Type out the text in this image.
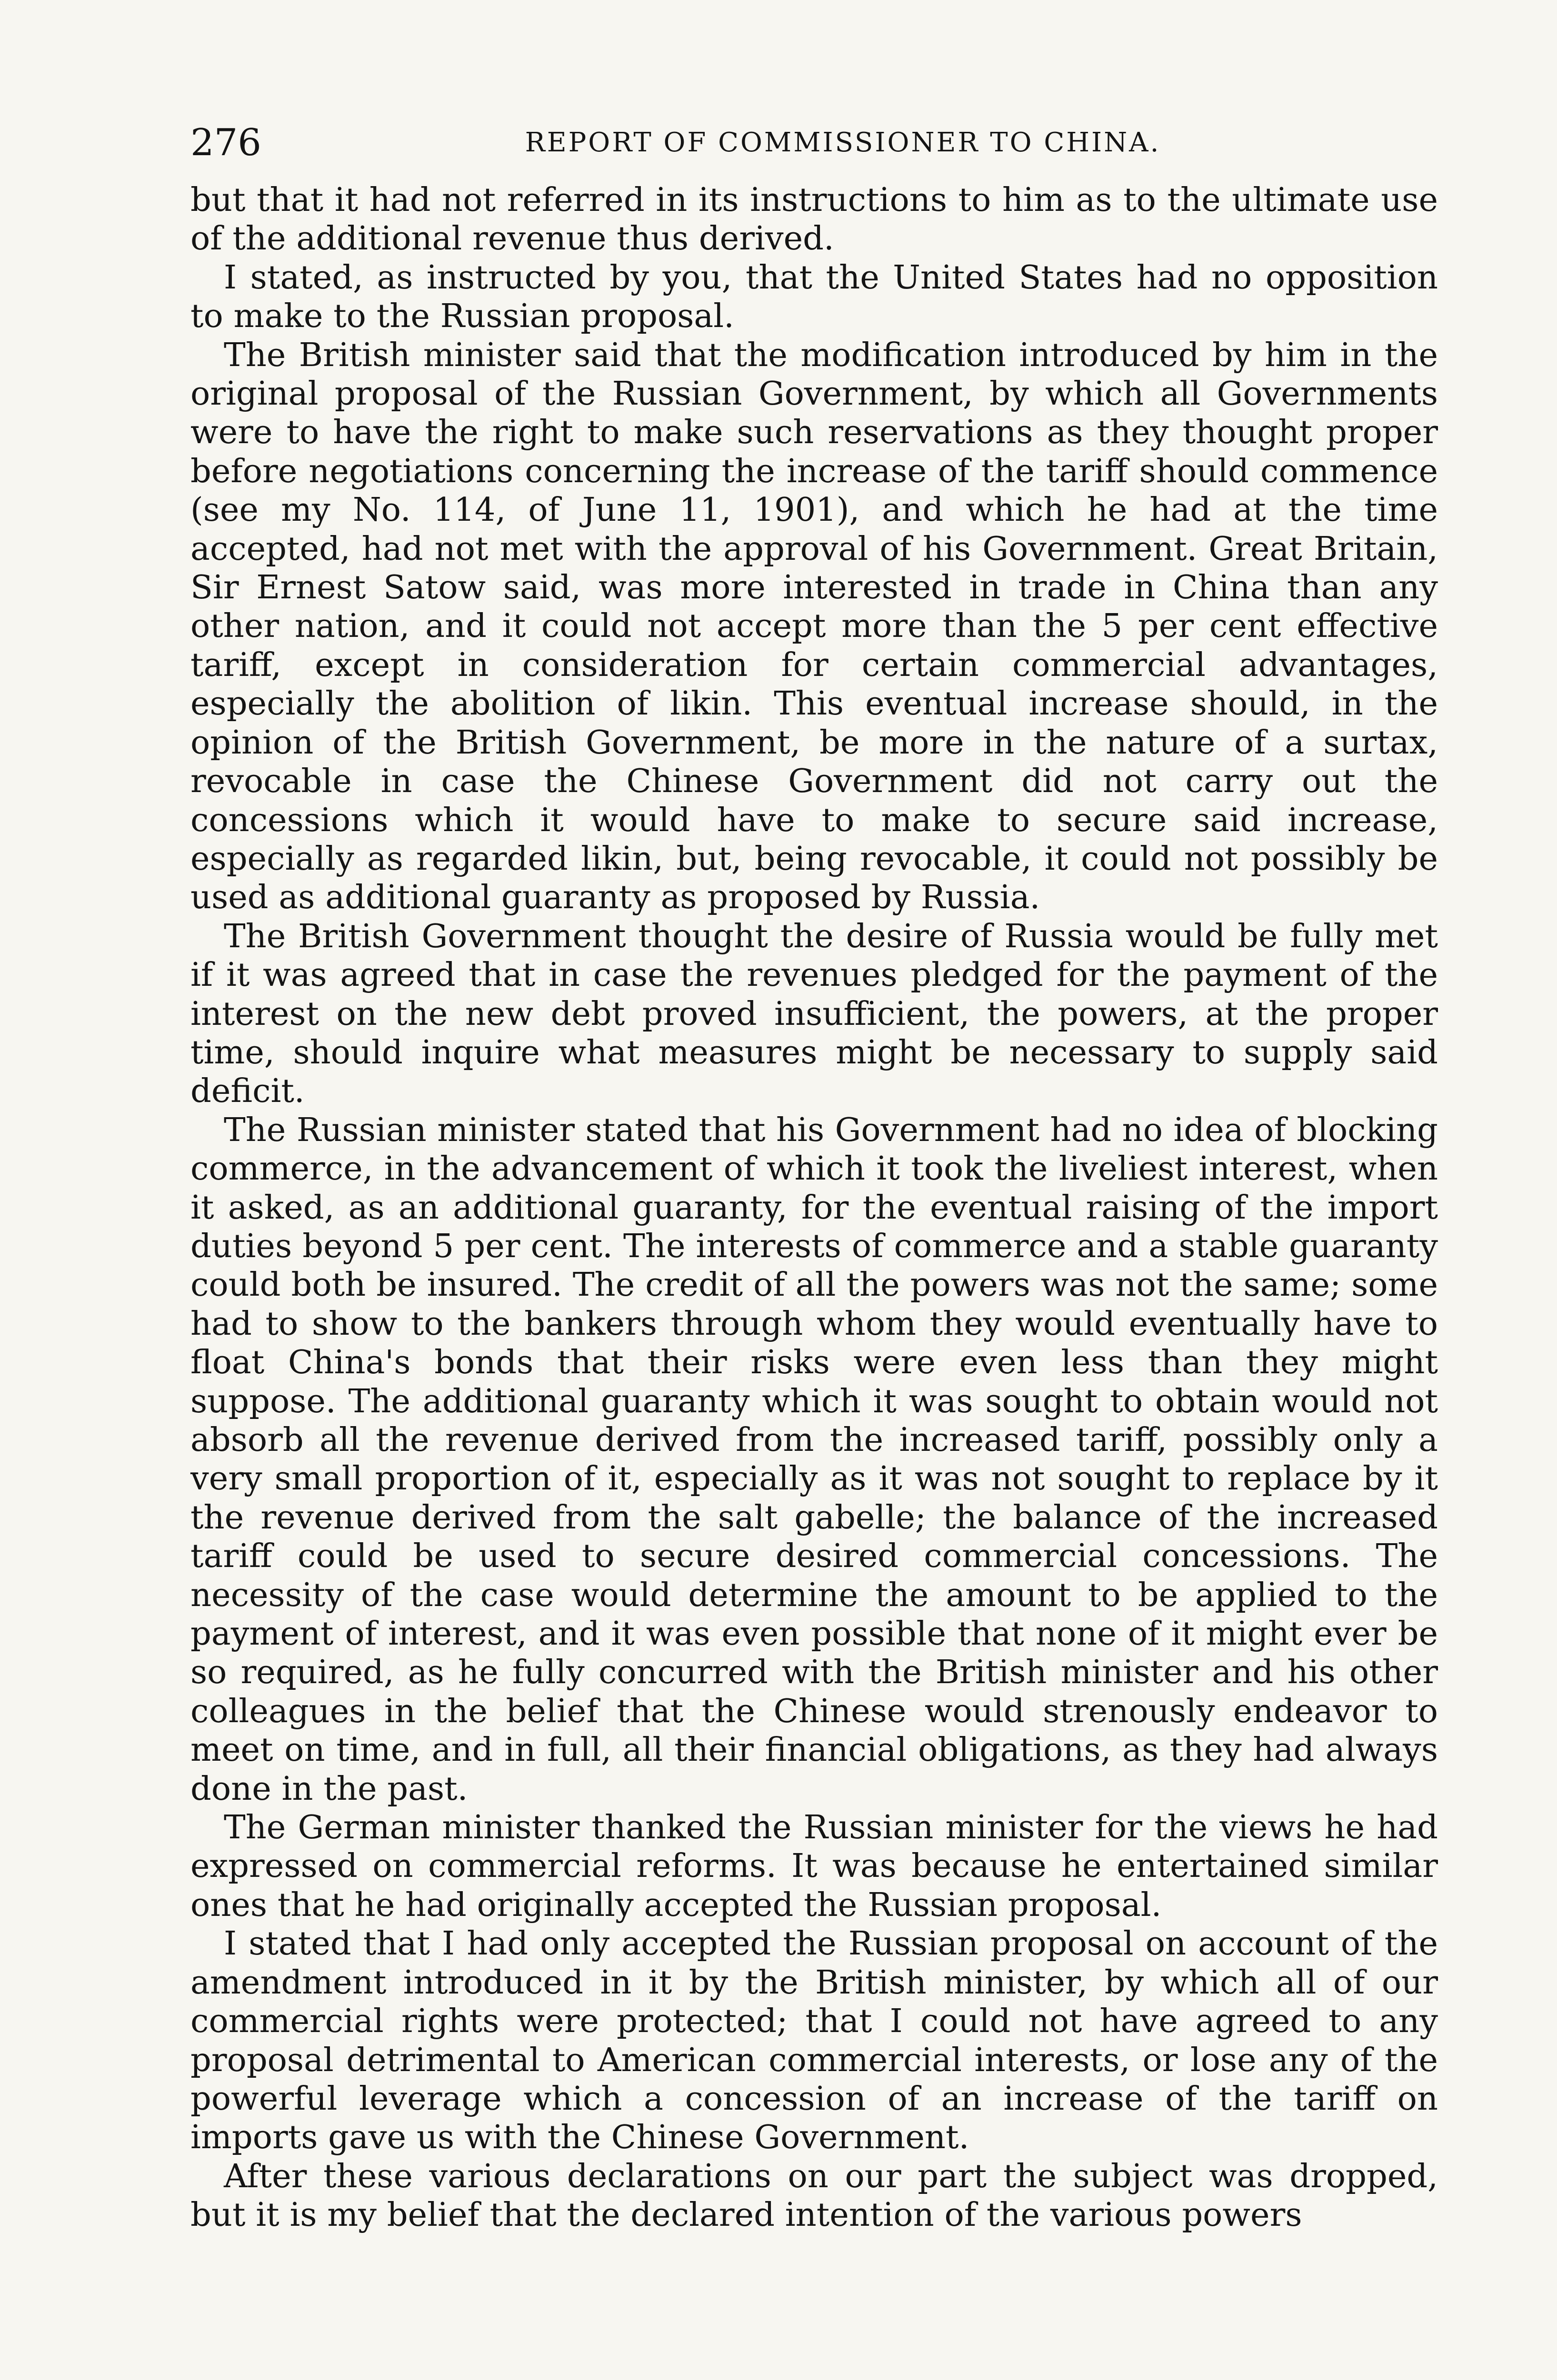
276	REPORT OF COMMISSIONER TO CHINA.

but that it had not referred in its instructions to him as to the ultimate use of the additional revenue thus derived.

I stated, as instructed by you, that the United States had no opposition to make to the Russian proposal.

The British minister said that the modification introduced by him in the original proposal of the Russian Government, by which all Governments were to have the right to make such reservations as they thought proper before negotiations concerning the increase of the tariff should commence (see my No. 114, of June 11, 1901), and which he had at the time accepted, had not met with the approval of his Government. Great Britain, Sir Ernest Satow said, was more interested in trade in China than any other nation, and it could not accept more than the 5 per cent effective tariff, except in consideration for certain commercial advantages, especially the abolition of likin. This eventual increase should, in the opinion of the British Government, be more in the nature of a surtax, revocable in case the Chinese Government did not carry out the concessions which it would have to make to secure said increase, especially as regarded likin, but, being revocable, it could not possibly be used as additional guaranty as proposed by Russia.

The British Government thought the desire of Russia would be fully met if it was agreed that in case the revenues pledged for the payment of the interest on the new debt proved insufficient, the powers, at the proper time, should inquire what measures might be necessary to supply said deficit.

The Russian minister stated that his Government had no idea of blocking commerce, in the advancement of which it took the liveliest interest, when it asked, as an additional guaranty, for the eventual raising of the import duties beyond 5 per cent. The interests of commerce and a stable guaranty could both be insured. The credit of all the powers was not the same; some had to show to the bankers through whom they would eventually have to float China's bonds that their risks were even less than they might suppose. The additional guaranty which it was sought to obtain would not absorb all the revenue derived from the increased tariff, possibly only a very small proportion of it, especially as it was not sought to replace by it the revenue derived from the salt gabelle; the balance of the increased tariff could be used to secure desired commercial concessions. The necessity of the case would determine the amount to be applied to the payment of interest, and it was even possible that none of it might ever be so required, as he fully concurred with the British minister and his other colleagues in the belief that the Chinese would strenously endeavor to meet on time, and in full, all their financial obligations, as they had always done in the past.

The German minister thanked the Russian minister for the views he had expressed on commercial reforms. It was because he entertained similar ones that he had originally accepted the Russian proposal.

I stated that I had only accepted the Russian proposal on account of the amendment introduced in it by the British minister, by which all of our commercial rights were protected; that I could not have agreed to any proposal detrimental to American commercial interests, or lose any of the powerful leverage which a concession of an increase of the tariff on imports gave us with the Chinese Government.

After these various declarations on our part the subject was dropped, but it is my belief that the declared intention of the various powers
